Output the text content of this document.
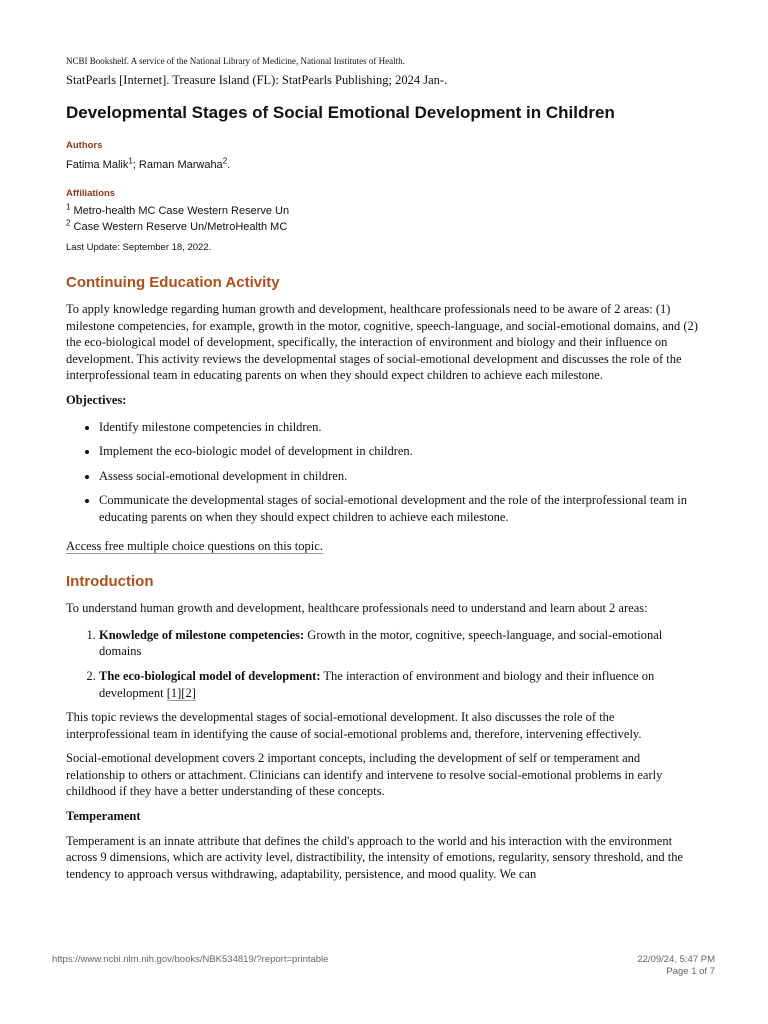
NCBI Bookshelf. A service of the National Library of Medicine, National Institutes of Health.

StatPearls [Internet]. Treasure Island (FL): StatPearls Publishing; 2024 Jan-.

Developmental Stages of Social Emotional Development in Children
Authors
Fatima Malik$^1$; Raman Marwaha$^2$.
Affiliations
$^1$ Metro-health MC Case Western Reserve Un
$^2$ Case Western Reserve Un/MetroHealth MC
Last Update: September 18, 2022.
Continuing Education Activity

To apply knowledge regarding human growth and development, healthcare professionals need to be aware of 2 areas: (1) milestone competencies, for example, growth in the motor, cognitive, speech-language, and social-emotional domains, and (2) the eco-biological model of development, specifically, the interaction of environment and biology and their influence on development. This activity reviews the developmental stages of social-emotional development and discusses the role of the interprofessional team in educating parents on when they should expect children to achieve each milestone.

Objectives:

• Identify milestone competencies in children.
• Implement the eco-biologic model of development in children.
• Assess social-emotional development in children.
• Communicate the developmental stages of social-emotional development and the role of the interprofessional team in educating parents on when they should expect children to achieve each milestone.

Access free multiple choice questions on this topic.

Introduction

To understand human growth and development, healthcare professionals need to understand and learn about 2 areas:

1. Knowledge of milestone competencies: Growth in the motor, cognitive, speech-language, and social-emotional domains
2. The eco-biological model of development: The interaction of environment and biology and their influence on development [1][2]

This topic reviews the developmental stages of social-emotional development. It also discusses the role of the interprofessional team in identifying the cause of social-emotional problems and, therefore, intervening effectively.

Social-emotional development covers 2 important concepts, including the development of self or temperament and relationship to others or attachment. Clinicians can identify and intervene to resolve social-emotional problems in early childhood if they have a better understanding of these concepts.

Temperament

Temperament is an innate attribute that defines the child's approach to the world and his interaction with the environment across 9 dimensions, which are activity level, distractibility, the intensity of emotions, regularity, sensory threshold, and the tendency to approach versus withdrawing, adaptability, persistence, and mood quality. We can

https://www.ncbi.nlm.nih.gov/books/NBK534819/?report=printable	22/09/24, 5:47 PM
Page 1 of 7
